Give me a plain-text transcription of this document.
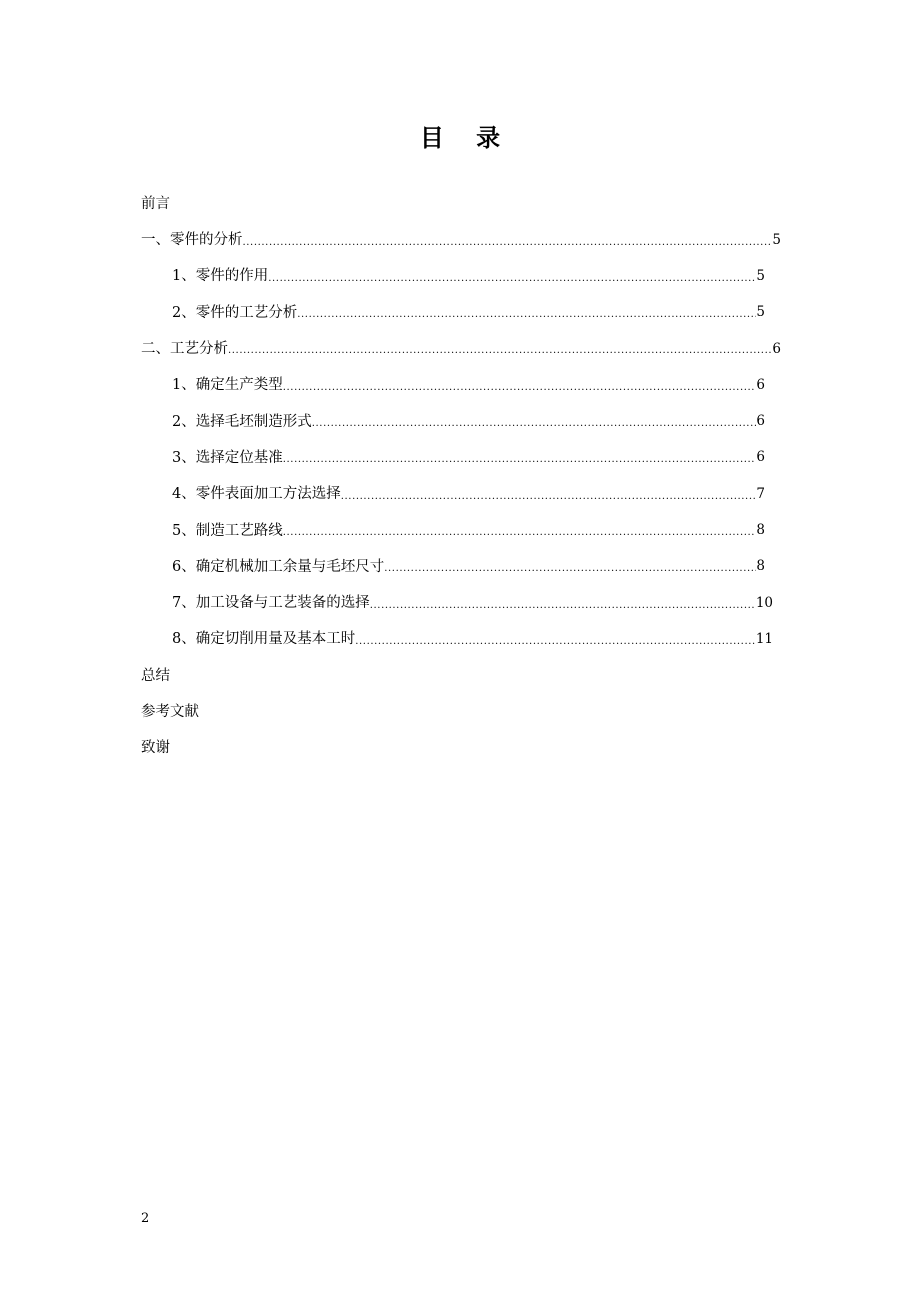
目 录
前言
一、零件的分析 .....	5
1、零件的作用 .....	5
2、零件的工艺分析 .....	5
二、工艺分析 .....	6
1、确定生产类型 .....	6
2、选择毛坯制造形式 .....	6
3、选择定位基准 .....	6
4、零件表面加工方法选择 .....	7
5、制造工艺路线 .....	8
6、确定机械加工余量与毛坯尺寸 .....	8
7、加工设备与工艺装备的选择 .....	10
8、确定切削用量及基本工时 .....	11
总结
参考文献
致谢
2
